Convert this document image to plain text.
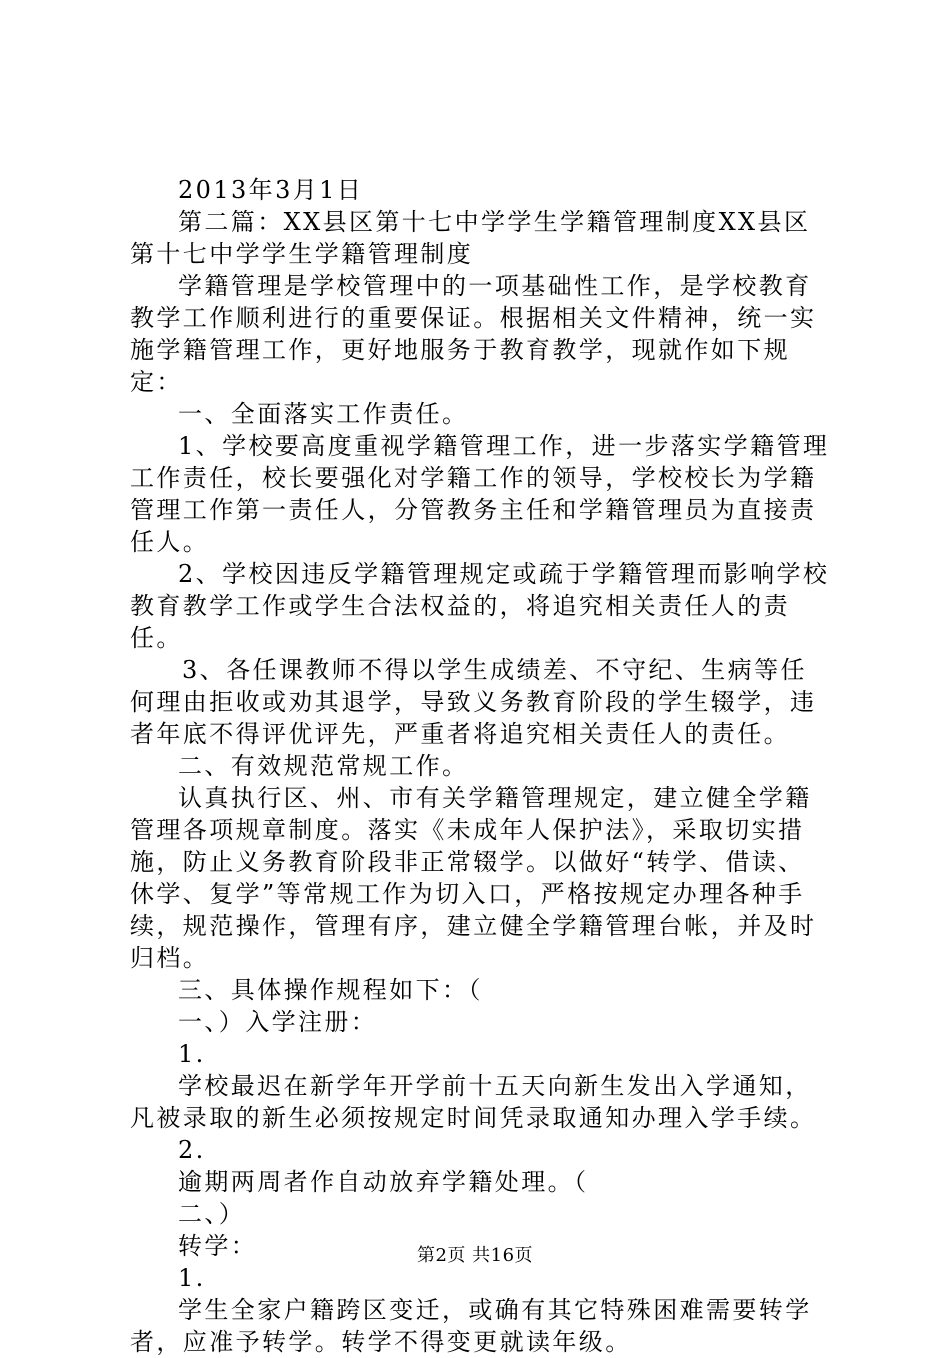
2013年3月1日

第二篇：XX县区第十七中学学生学籍管理制度XX县区第十七中学学生学籍管理制度

学籍管理是学校管理中的一项基础性工作，是学校教育教学工作顺利进行的重要保证。根据相关文件精神，统一实施学籍管理工作，更好地服务于教育教学，现就作如下规定：

一、全面落实工作责任。

1、学校要高度重视学籍管理工作，进一步落实学籍管理工作责任，校长要强化对学籍工作的领导，学校校长为学籍管理工作第一责任人，分管教务主任和学籍管理员为直接责任人。

2、学校因违反学籍管理规定或疏于学籍管理而影响学校教育教学工作或学生合法权益的，将追究相关责任人的责任。

3、各任课教师不得以学生成绩差、不守纪、生病等任何理由拒收或劝其退学，导致义务教育阶段的学生辍学，违者年底不得评优评先，严重者将追究相关责任人的责任。

二、有效规范常规工作。

认真执行区、州、市有关学籍管理规定，建立健全学籍管理各项规章制度。落实《未成年人保护法》，采取切实措施，防止义务教育阶段非正常辍学。以做好“转学、借读、休学、复学”等常规工作为切入口，严格按规定办理各种手续，规范操作，管理有序，建立健全学籍管理台帐，并及时归档。

三、具体操作规程如下：（

一、）入学注册：

1.

学校最迟在新学年开学前十五天向新生发出入学通知，凡被录取的新生必须按规定时间凭录取通知办理入学手续。

2.

逾期两周者作自动放弃学籍处理。（

二、）

转学：

1.

学生全家户籍跨区变迁，或确有其它特殊困难需要转学者，应准予转学。转学不得变更就读年级。

第2页 共16页
